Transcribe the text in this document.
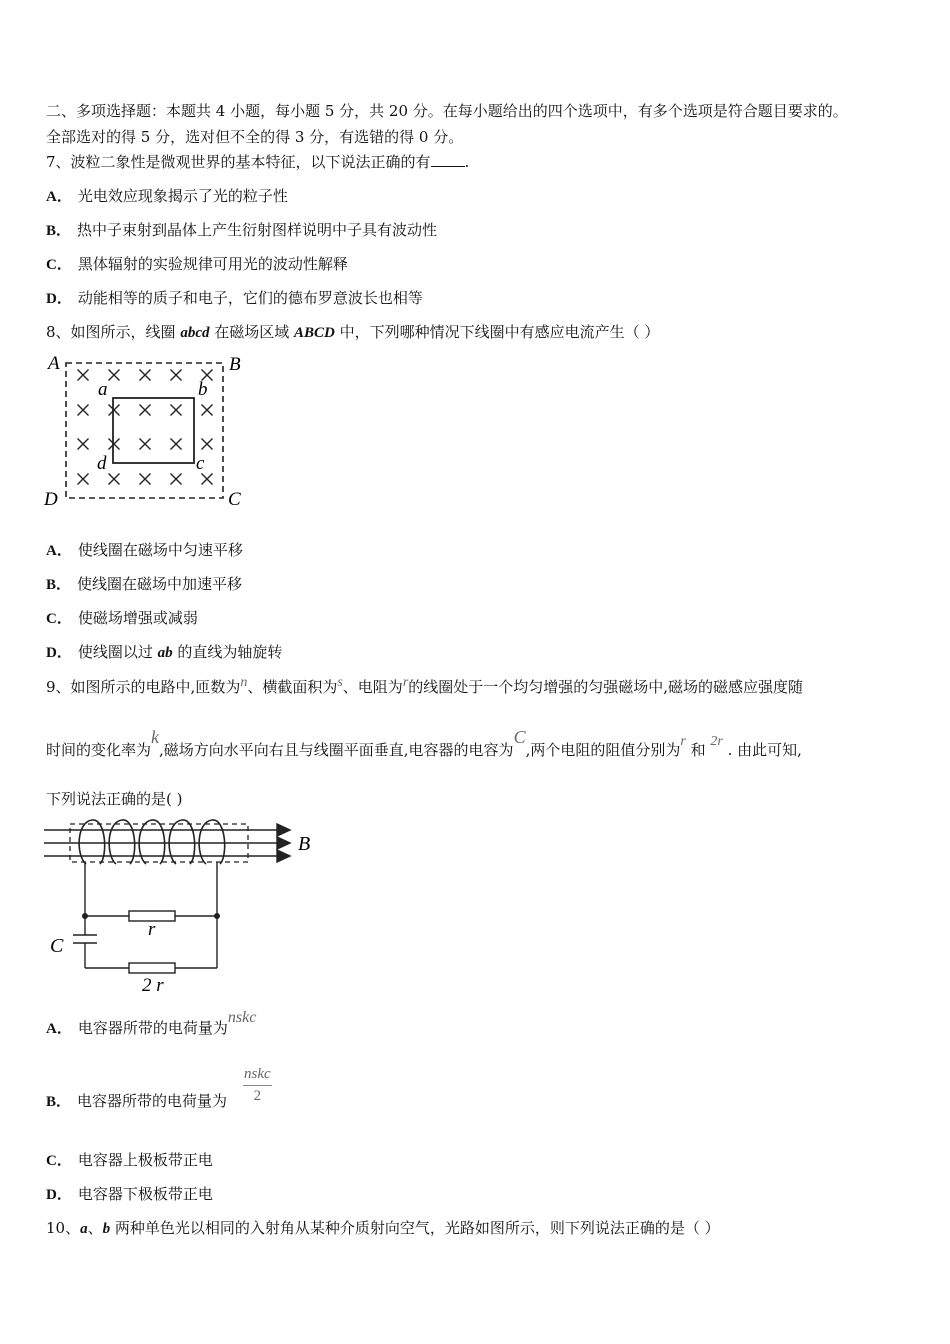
二、多项选择题：本题共 4 小题，每小题 5 分，共 20 分。在每小题给出的四个选项中，有多个选项是符合题目要求的。
全部选对的得 5 分，选对但不全的得 3 分，有选错的得 0 分。
7、波粒二象性是微观世界的基本特征，以下说法正确的有 .
A． 光电效应现象揭示了光的粒子性
B． 热中子束射到晶体上产生衍射图样说明中子具有波动性
C． 黑体辐射的实验规律可用光的波动性解释
D． 动能相等的质子和电子，它们的德布罗意波长也相等
8、如图所示，线圈 abcd 在磁场区域 ABCD 中，下列哪种情况下线圈中有感应电流产生（ ）
A	B
C
D
a	b
c
d
A． 使线圈在磁场中匀速平移
B． 使线圈在磁场中加速平移
C． 使磁场增强或减弱
D． 使线圈以过 ab 的直线为轴旋转
9、如图所示的电路中,匝数为n、横截面积为s、电阻为r的线圈处于一个均匀增强的匀强磁场中,磁场的磁感应强度随
时间的变化率为k,磁场方向水平向右且与线圈平面垂直,电容器的电容为C,两个电阻的阻值分别为r 和 2r . 由此可知,
下列说法正确的是( )
B
C
r
2 r
A． 电容器所带的电荷量为nskc
B． 电容器所带的电荷量为
nskc
2
C． 电容器上极板带正电
D． 电容器下极板带正电
10、a、b 两种单色光以相同的入射角从某种介质射向空气，光路如图所示，则下列说法正确的是（ ）
